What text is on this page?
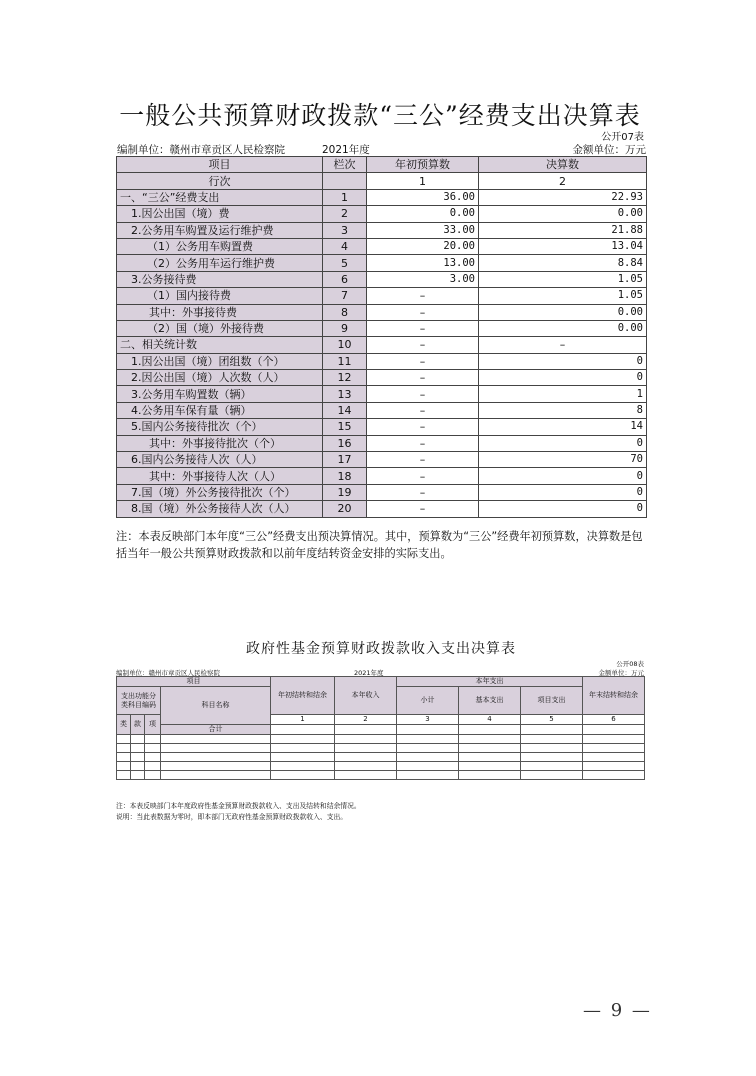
一般公共预算财政拨款“三公”经费支出决算表
公开07表
编制单位：赣州市章贡区人民检察院	2021年度	金额单位：万元
项目	栏次	年初预算数	决算数
行次		1	2
一、“三公”经费支出	1	36.00	22.93
1.因公出国（境）费	2	0.00	0.00
2.公务用车购置及运行维护费	3	33.00	21.88
（1）公务用车购置费	4	20.00	13.04
（2）公务用车运行维护费	5	13.00	8.84
3.公务接待费	6	3.00	1.05
（1）国内接待费	7	–	1.05
其中：外事接待费	8	–	0.00
（2）国（境）外接待费	9	–	0.00
二、相关统计数	10	–	–
1.因公出国（境）团组数（个）	11	–	0
2.因公出国（境）人次数（人）	12	–	0
3.公务用车购置数（辆）	13	–	1
4.公务用车保有量（辆）	14	–	8
5.国内公务接待批次（个）	15	–	14
其中：外事接待批次（个）	16	–	0
6.国内公务接待人次（人）	17	–	70
其中：外事接待人次（人）	18	–	0
7.国（境）外公务接待批次（个）	19	–	0
8.国（境）外公务接待人次（人）	20	–	0
注：本表反映部门本年度“三公”经费支出预决算情况。其中，预算数为“三公”经费年初预算数，决算数是包括当年一般公共预算财政拨款和以前年度结转资金安排的实际支出。
政府性基金预算财政拨款收入支出决算表
公开08表
编制单位：赣州市章贡区人民检察院	2021年度	金额单位：万元
项目				年初结转和结余	本年收入	本年支出			年末结转和结余
支出功能分类科目编码			科目名称			小计	基本支出	项目支出	
类	款	项		1	2	3	4	5	6
			合计						

注：本表反映部门本年度政府性基金预算财政拨款收入、支出及结转和结余情况。
说明：当此表数据为零时，即本部门无政府性基金预算财政拨款收入、支出。
— 9 —
